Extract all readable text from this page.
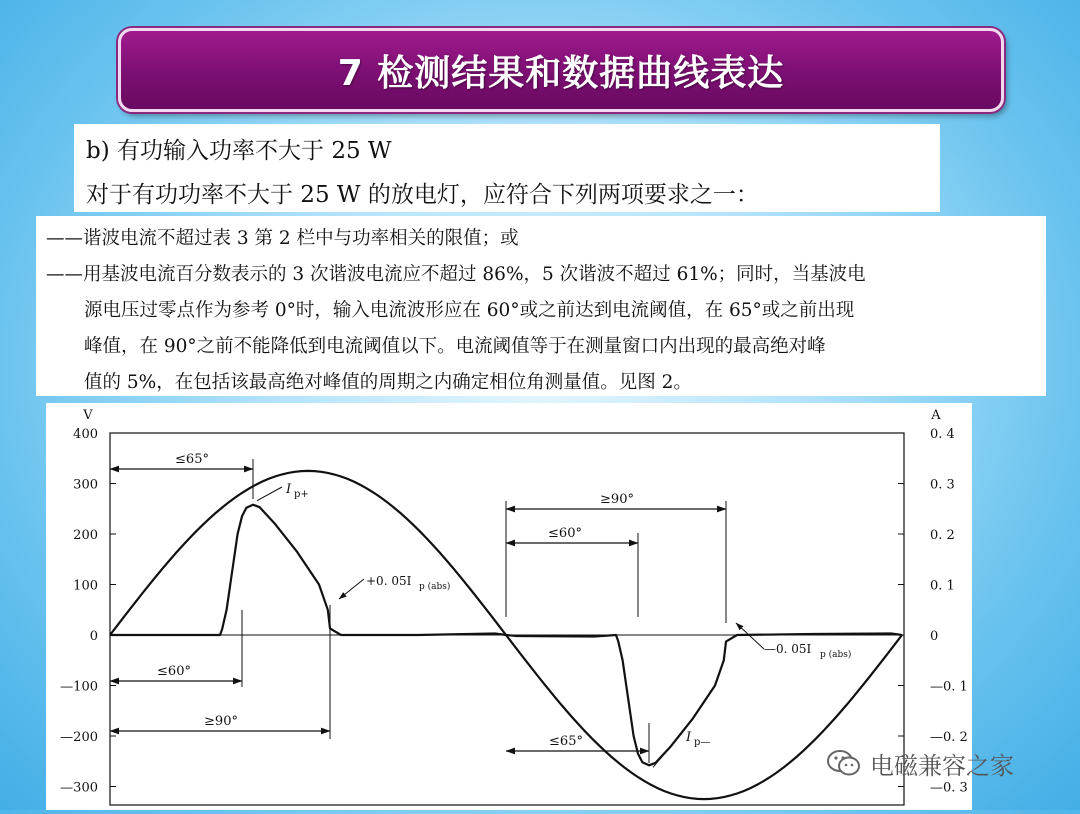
7 检测结果和数据曲线表达
b) 有功输入功率不大于 25 W
对于有功功率不大于 25 W 的放电灯，应符合下列两项要求之一：
——谐波电流不超过表 3 第 2 栏中与功率相关的限值；或
——用基波电流百分数表示的 3 次谐波电流应不超过 86%，5 次谐波不超过 61%；同时，当基波电
源电压过零点作为参考 0°时，输入电流波形应在 60°或之前达到电流阈值，在 65°或之前出现
峰值，在 90°之前不能降低到电流阈值以下。电流阈值等于在测量窗口内出现的最高绝对峰
值的 5%，在包括该最高绝对峰值的周期之内确定相位角测量值。见图 2。
V
400
300
200
100
0
—100
—200
—300
A
0. 4
0. 3
0. 2
0. 1
0
—0. 1
—0. 2
—0. 3
≤65°
I p+
+0. 05I p (abs)
≤60°
≥90°
≥90°
≤60°
—0. 05I p (abs)
≤65°	I p—
电磁兼容之家
